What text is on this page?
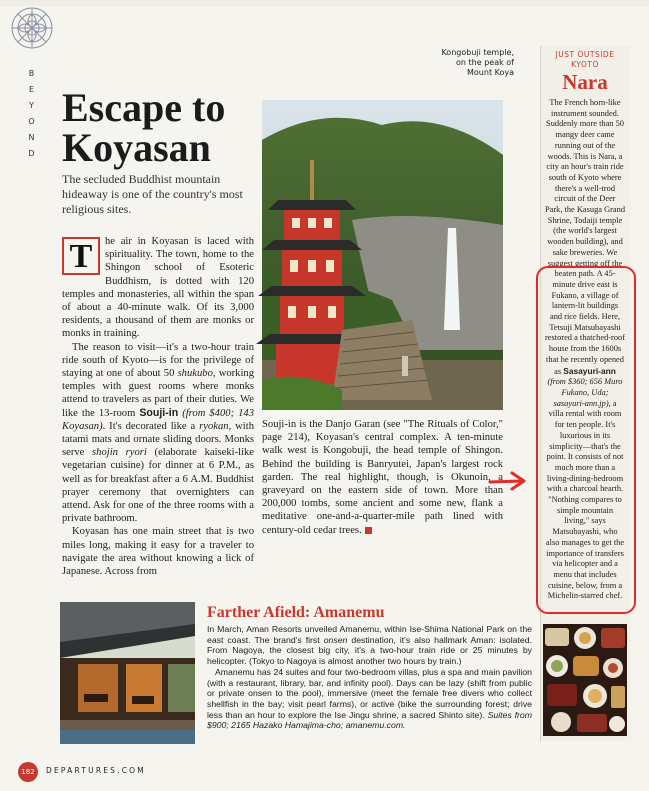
B
E
Y
O
N
D
Escape to Koyasan
The secluded Buddhist mountain hideaway is one of the country's most religious sites.
Kongobuji temple, on the peak of Mount Koya

T	he air in Koyasan is laced with spirituality. The town, home to the Shingon school of Esoteric Buddhism, is dotted with 120 temples and monasteries, all within the span of about a 40-minute walk. Of its 3,000 residents, a thousand of them are monks or monks in training.

The reason to visit—it's a two-hour train ride south of Kyoto—is for the privilege of staying at one of about 50 shukubo, working temples with guest rooms where monks attend to travelers as part of their duties. We like the 13-room Souji-in (from $400; 143 Koyasan). It's decorated like a ryokan, with tatami mats and ornate sliding doors. Monks serve shojin ryori (elaborate kaiseki-like vegetarian cuisine) for dinner at 6 P.M., as well as for breakfast after a 6 A.M. Buddhist prayer ceremony that overnighters can attend. Ask for one of the three rooms with a private bathroom.

Koyasan has one main street that is two miles long, making it easy for a traveler to navigate the area without knowing a lick of Japanese. Across from

Souji-in is the Danjo Garan (see "The Rituals of Color," page 214), Koyasan's central complex. A ten-minute walk west is Kongobuji, the head temple of Shingon. Behind the building is Banryutei, Japan's largest rock garden. The real highlight, though, is Okunoin, a graveyard on the eastern side of town. More than 200,000 tombs, some ancient and some new, flank a meditative one-and-a-quarter-mile path lined with century-old cedar trees.

JUST OUTSIDE KYOTO
Nara
The French horn-like instrument sounded. Suddenly more than 50 mangy deer came running out of the woods. This is Nara, a city an hour's train ride south of Kyoto where there's a well-trod circuit of the Deer Park, the Kasuga Grand Shrine, Todaiji temple (the world's largest wooden building), and sake breweries. We suggest getting off the beaten path. A 45-minute drive east is Fukano, a village of lantern-lit buildings and rice fields. Here, Tetsuji Matsubayashi restored a thatched-roof house from the 1600s that he recently opened as Sasayuri-ann (from $360; 656 Muro Fukano, Uda; sasayuri-ann.jp), a villa rental with room for ten people. It's luxurious in its simplicity—that's the point. It consists of not much more than a living-dining-bedroom with a charcoal hearth. "Nothing compares to simple mountain living," says Matsubayashi, who also manages to get the importance of transfers via helicopter and a menu that includes cuisine, below, from a Michelin-starred chef.
Farther Afield: Amanemu

In March, Aman Resorts unveiled Amanemu, within Ise-Shima National Park on the east coast. The brand's first onsen destination, it's also hallmark Aman: isolated. From Nagoya, the closest big city, it's a two-hour train ride or 25 minutes by helicopter. (Tokyo to Nagoya is almost another two hours by train.)

Amanemu has 24 suites and four two-bedroom villas, plus a spa and main pavilion (with a restaurant, library, bar, and infinity pool). Days can be lazy (shift from public or private onsen to the pool), immersive (meet the female free divers who collect shellfish in the bay; visit pearl farms), or active (bike the surrounding forest; drive less than an hour to explore the Ise Jingu shrine, a sacred Shinto site). Suites from $900; 2165 Hazako Hamajima-cho; amanemu.com.

182	DEPARTURES.COM
